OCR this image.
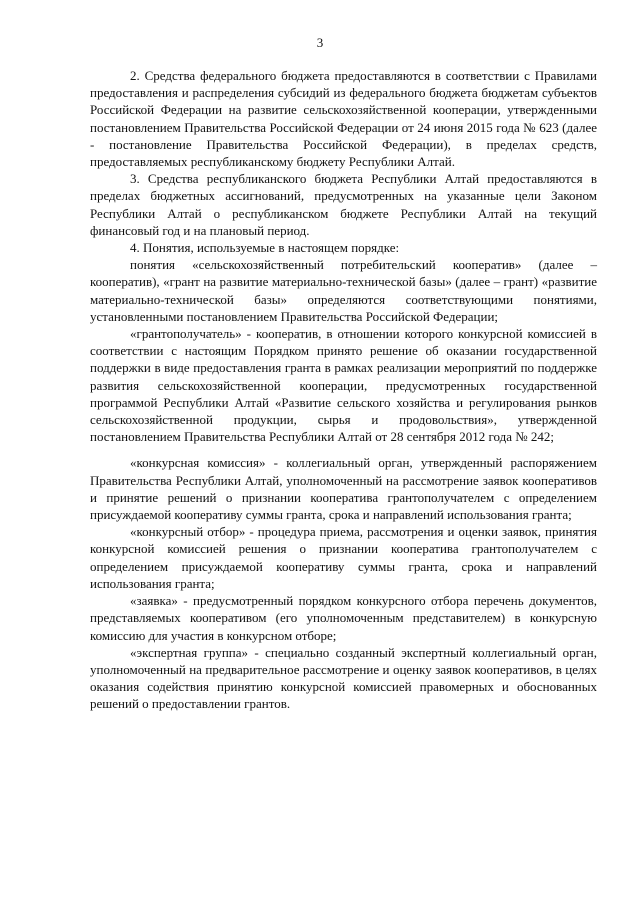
3

2. Средства федерального бюджета предоставляются в соответствии с Правилами предоставления и распределения субсидий из федерального бюджета бюджетам субъектов Российской Федерации на развитие сельскохозяйственной кооперации, утвержденными постановлением Правительства Российской Федерации от 24 июня 2015 года № 623 (далее - постановление Правительства Российской Федерации), в пределах средств, предоставляемых республиканскому бюджету Республики Алтай.

3. Средства республиканского бюджета Республики Алтай предоставляются в пределах бюджетных ассигнований, предусмотренных на указанные цели Законом Республики Алтай о республиканском бюджете Республики Алтай на текущий финансовый год и на плановый период.

4. Понятия, используемые в настоящем порядке:

понятия «сельскохозяйственный потребительский кооператив» (далее – кооператив), «грант на развитие материально-технической базы» (далее – грант) «развитие материально-технической базы» определяются соответствующими понятиями, установленными постановлением Правительства Российской Федерации;

«грантополучатель» - кооператив, в отношении которого конкурсной комиссией в соответствии с настоящим Порядком принято решение об оказании государственной поддержки в виде предоставления гранта в рамках реализации мероприятий по поддержке развития сельскохозяйственной кооперации, предусмотренных государственной программой Республики Алтай «Развитие сельского хозяйства и регулирования рынков сельскохозяйственной продукции, сырья и продовольствия», утвержденной постановлением Правительства Республики Алтай от 28 сентября 2012 года № 242;

«конкурсная комиссия» - коллегиальный орган, утвержденный распоряжением Правительства Республики Алтай, уполномоченный на рассмотрение заявок кооперативов и принятие решений о признании кооператива грантополучателем с определением присуждаемой кооперативу суммы гранта, срока и направлений использования гранта;

«конкурсный отбор» - процедура приема, рассмотрения и оценки заявок, принятия конкурсной комиссией решения о признании кооператива грантополучателем с определением присуждаемой кооперативу суммы гранта, срока и направлений использования гранта;

«заявка» - предусмотренный порядком конкурсного отбора перечень документов, представляемых кооперативом (его уполномоченным представителем) в конкурсную комиссию для участия в конкурсном отборе;

«экспертная группа» - специально созданный экспертный коллегиальный орган, уполномоченный на предварительное рассмотрение и оценку заявок кооперативов, в целях оказания содействия принятию конкурсной комиссией правомерных и обоснованных решений о предоставлении грантов.
